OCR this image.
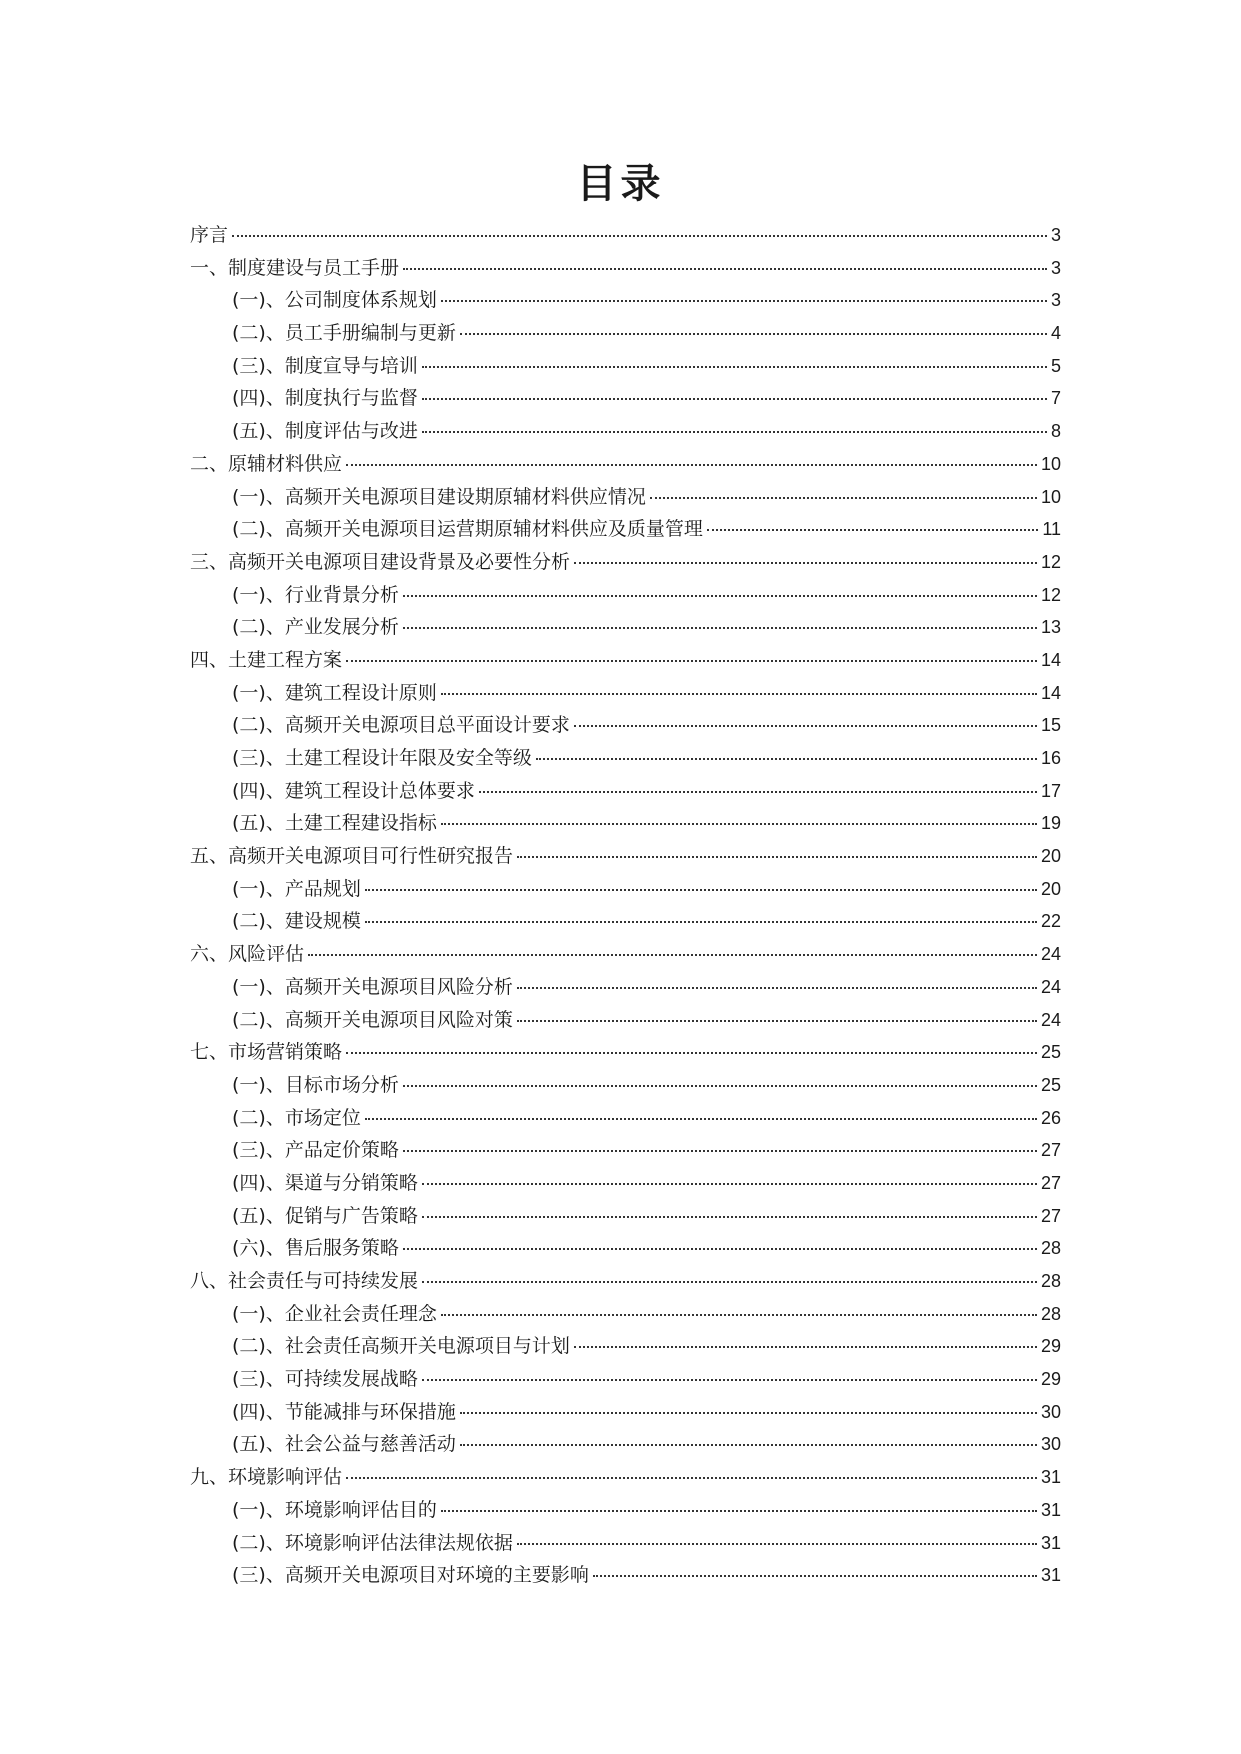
目录
序言	3
一、制度建设与员工手册	3
(一)、公司制度体系规划	3
(二)、员工手册编制与更新	4
(三)、制度宣导与培训	5
(四)、制度执行与监督	7
(五)、制度评估与改进	8
二、原辅材料供应	10
(一)、高频开关电源项目建设期原辅材料供应情况	10
(二)、高频开关电源项目运营期原辅材料供应及质量管理	11
三、高频开关电源项目建设背景及必要性分析	12
(一)、行业背景分析	12
(二)、产业发展分析	13
四、土建工程方案	14
(一)、建筑工程设计原则	14
(二)、高频开关电源项目总平面设计要求	15
(三)、土建工程设计年限及安全等级	16
(四)、建筑工程设计总体要求	17
(五)、土建工程建设指标	19
五、高频开关电源项目可行性研究报告	20
(一)、产品规划	20
(二)、建设规模	22
六、风险评估	24
(一)、高频开关电源项目风险分析	24
(二)、高频开关电源项目风险对策	24
七、市场营销策略	25
(一)、目标市场分析	25
(二)、市场定位	26
(三)、产品定价策略	27
(四)、渠道与分销策略	27
(五)、促销与广告策略	27
(六)、售后服务策略	28
八、社会责任与可持续发展	28
(一)、企业社会责任理念	28
(二)、社会责任高频开关电源项目与计划	29
(三)、可持续发展战略	29
(四)、节能减排与环保措施	30
(五)、社会公益与慈善活动	30
九、环境影响评估	31
(一)、环境影响评估目的	31
(二)、环境影响评估法律法规依据	31
(三)、高频开关电源项目对环境的主要影响	31
